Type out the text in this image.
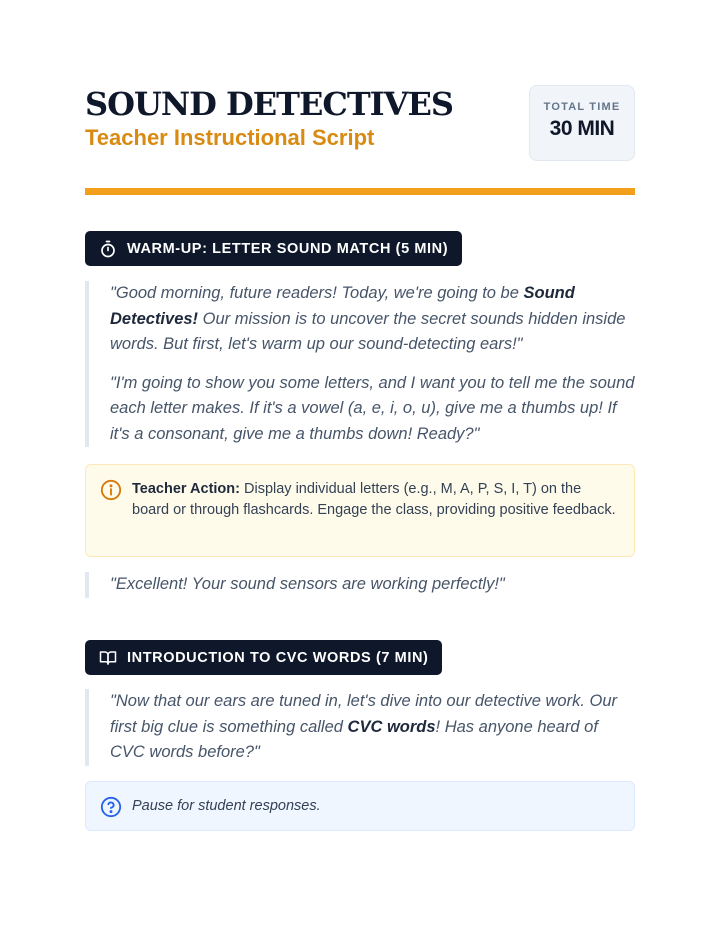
SOUND DETECTIVES
Teacher Instructional Script
TOTAL TIME
30 MIN
WARM-UP: LETTER SOUND MATCH (5 MIN)

"Good morning, future readers! Today, we're going to be Sound Detectives! Our mission is to uncover the secret sounds hidden inside words. But first, let's warm up our sound-detecting ears!"

"I'm going to show you some letters, and I want you to tell me the sound each letter makes. If it's a vowel (a, e, i, o, u), give me a thumbs up! If it's a consonant, give me a thumbs down! Ready?"

Teacher Action: Display individual letters (e.g., M, A, P, S, I, T) on the board or through flashcards. Engage the class, providing positive feedback.

"Excellent! Your sound sensors are working perfectly!"

INTRODUCTION TO CVC WORDS (7 MIN)

"Now that our ears are tuned in, let's dive into our detective work. Our first big clue is something called CVC words! Has anyone heard of CVC words before?"

Pause for student responses.
